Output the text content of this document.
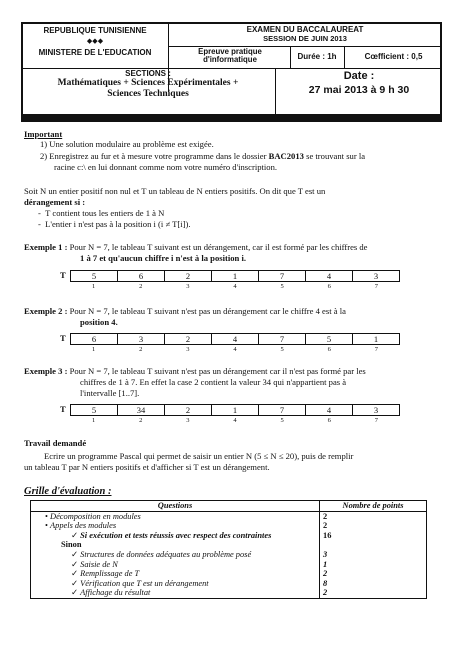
REPUBLIQUE TUNISIENNE
◆◆◆
MINISTERE DE L'EDUCATION
EXAMEN DU BACCALAUREAT
SESSION DE JUIN 2013
Epreuve pratique d'informatique	Durée : 1h	Cœfficient : 0,5
SECTIONS :
Mathématiques + Sciences Expérimentales +
Sciences Techniques
Date :
27 mai 2013 à 9 h 30
Important
1) Une solution modulaire au problème est exigée.
2) Enregistrez au fur et à mesure votre programme dans le dossier BAC2013 se trouvant sur la
racine c:\ en lui donnant comme nom votre numéro d'inscription.
Soit N un entier positif non nul et T un tableau de N entiers positifs. On dit que T est un
dérangement si :
-  T contient tous les entiers de 1 à N
-  L'entier i n'est pas à la position i (i ≠ T[i]).
Exemple 1 : Pour N = 7, le tableau T suivant est un dérangement, car il est formé par les chiffres de
1 à 7 et qu'aucun chiffre i n'est à la position i.
T	5	6	2	1	7	4	3
1	2	3	4	5	6	7
Exemple 2 : Pour N = 7, le tableau T suivant n'est pas un dérangement car le chiffre 4 est à la
position 4.
T	6	3	2	4	7	5	1
1	2	3	4	5	6	7
Exemple 3 : Pour N = 7, le tableau T suivant n'est pas un dérangement car il n'est pas formé par les
chiffres de 1 à 7. En effet la case 2 contient la valeur 34 qui n'appartient pas à
l'intervalle [1..7].
T	5	34	2	1	7	4	3
1	2	3	4	5	6	7
Travail demandé
Ecrire un programme Pascal qui permet de saisir un entier N (5 ≤ N ≤ 20), puis de remplir
un tableau T par N entiers positifs et d'afficher si T est un dérangement.
Grille d'évaluation :
Questions	Nombre de points
• Décomposition en modules	2
• Appels des modules	2
✓ Si exécution et tests réussis avec respect des contraintes	16
Sinon	
✓ Structures de données adéquates au problème posé	3
✓ Saisie de N	1
✓ Remplissage de T	2
✓ Vérification que T est un dérangement	8
✓ Affichage du résultat	2
